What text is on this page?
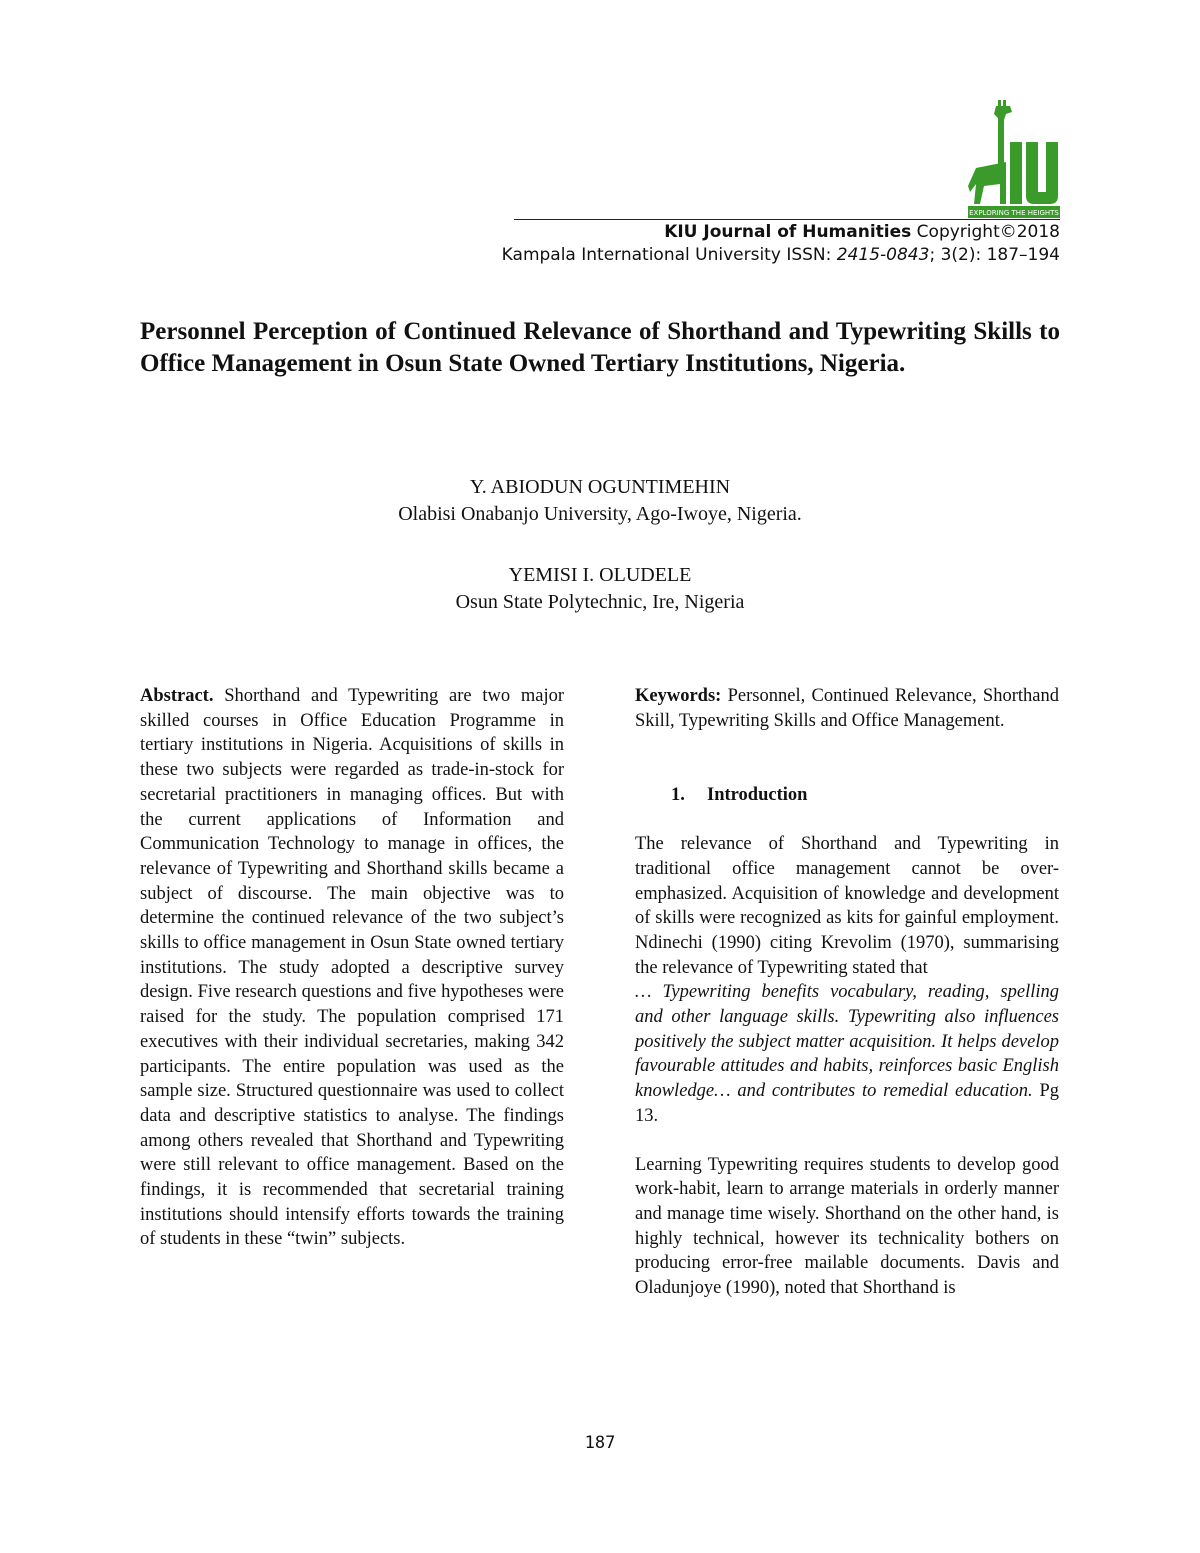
EXPLORING THE HEIGHTS
KIU Journal of Humanities Copyright©2018
Kampala International University ISSN: 2415-0843; 3(2): 187–194
Personnel Perception of Continued Relevance of Shorthand and Typewriting Skills to Office Management in Osun State Owned Tertiary Institutions, Nigeria.

Y. ABIODUN OGUNTIMEHIN

Olabisi Onabanjo University, Ago-Iwoye, Nigeria.

YEMISI I. OLUDELE

Osun State Polytechnic, Ire, Nigeria

Abstract. Shorthand and Typewriting are two major skilled courses in Office Education Programme in tertiary institutions in Nigeria. Acquisitions of skills in these two subjects were regarded as trade-in-stock for secretarial practitioners in managing offices. But with the current applications of Information and Communication Technology to manage in offices, the relevance of Typewriting and Shorthand skills became a subject of discourse. The main objective was to determine the continued relevance of the two subject’s skills to office management in Osun State owned tertiary institutions. The study adopted a descriptive survey design. Five research questions and five hypotheses were raised for the study. The population comprised 171 executives with their individual secretaries, making 342 participants. The entire population was used as the sample size. Structured questionnaire was used to collect data and descriptive statistics to analyse. The findings among others revealed that Shorthand and Typewriting were still relevant to office management. Based on the findings, it is recommended that secretarial training institutions should intensify efforts towards the training of students in these “twin” subjects.

Keywords: Personnel, Continued Relevance, Shorthand Skill, Typewriting Skills and Office Management.

1. Introduction

The relevance of Shorthand and Typewriting in traditional office management cannot be over-emphasized. Acquisition of knowledge and development of skills were recognized as kits for gainful employment. Ndinechi (1990) citing Krevolim (1970), summarising the relevance of Typewriting stated that

… Typewriting benefits vocabulary, reading, spelling and other language skills. Typewriting also influences positively the subject matter acquisition. It helps develop favourable attitudes and habits, reinforces basic English knowledge… and contributes to remedial education. Pg 13.

Learning Typewriting requires students to develop good work-habit, learn to arrange materials in orderly manner and manage time wisely. Shorthand on the other hand, is highly technical, however its technicality bothers on producing error-free mailable documents. Davis and Oladunjoye (1990), noted that Shorthand is

187
